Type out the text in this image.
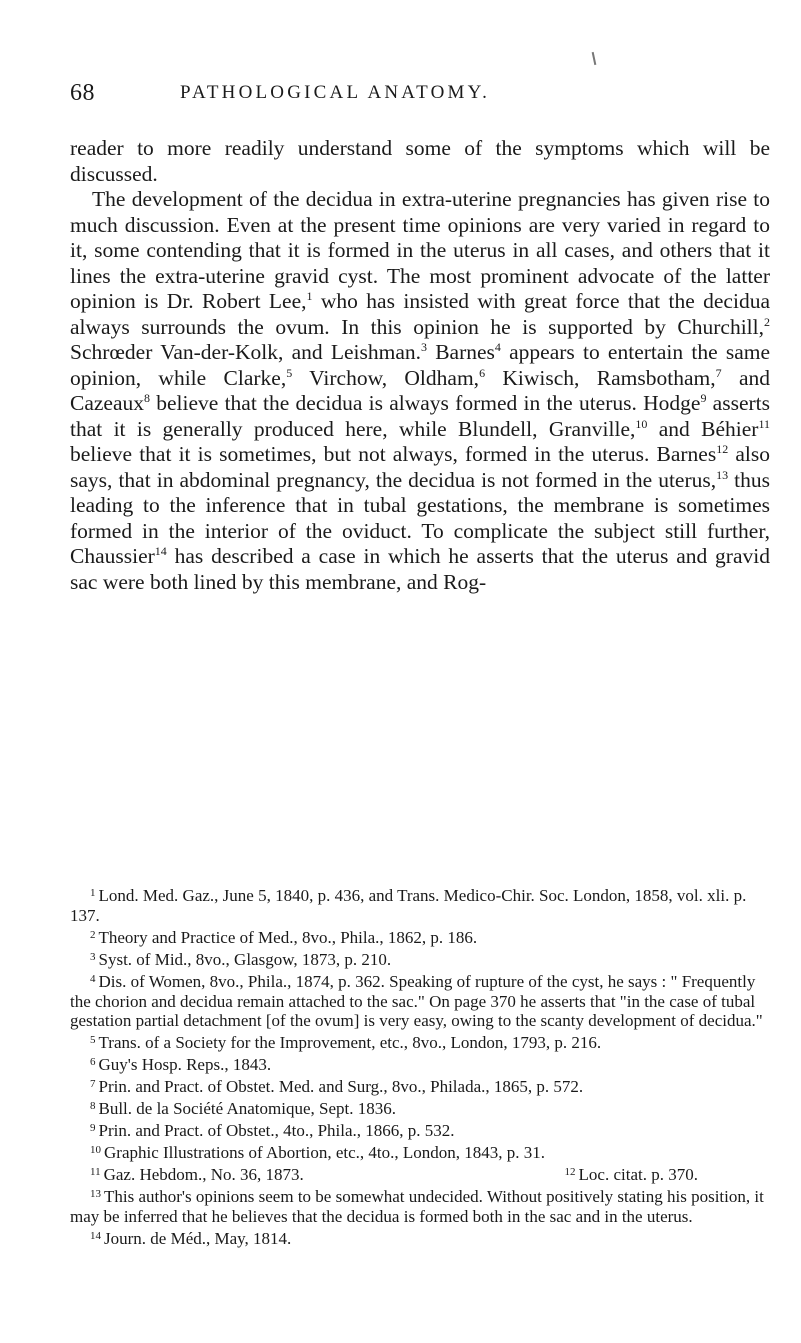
68	PATHOLOGICAL ANATOMY.

reader to more readily understand some of the symptoms which will be discussed.

The development of the decidua in extra-uterine pregnancies has given rise to much discussion. Even at the present time opinions are very varied in regard to it, some contending that it is formed in the uterus in all cases, and others that it lines the extra-uterine gravid cyst. The most prominent advocate of the latter opinion is Dr. Robert Lee,$^1$ who has insisted with great force that the decidua always surrounds the ovum. In this opinion he is supported by Churchill,$^2$ Schrœder Van-der-Kolk, and Leishman.$^3$ Barnes$^4$ appears to entertain the same opinion, while Clarke,$^5$ Virchow, Oldham,$^6$ Kiwisch, Ramsbotham,$^7$ and Cazeaux$^8$ believe that the decidua is always formed in the uterus. Hodge$^9$ asserts that it is generally produced here, while Blundell, Granville,$^{10}$ and Béhier$^{11}$ believe that it is sometimes, but not always, formed in the uterus. Barnes$^{12}$ also says, that in abdominal pregnancy, the decidua is not formed in the uterus,$^{13}$ thus leading to the inference that in tubal gestations, the membrane is sometimes formed in the interior of the oviduct. To complicate the subject still further, Chaussier$^{14}$ has described a case in which he asserts that the uterus and gravid sac were both lined by this membrane, and Rog-

$^1$ Lond. Med. Gaz., June 5, 1840, p. 436, and Trans. Medico-Chir. Soc. London, 1858, vol. xli. p. 137.

$^2$ Theory and Practice of Med., 8vo., Phila., 1862, p. 186.

$^3$ Syst. of Mid., 8vo., Glasgow, 1873, p. 210.

$^4$ Dis. of Women, 8vo., Phila., 1874, p. 362. Speaking of rupture of the cyst, he says : " Frequently the chorion and decidua remain attached to the sac." On page 370 he asserts that "in the case of tubal gestation partial detachment [of the ovum] is very easy, owing to the scanty development of decidua."

$^5$ Trans. of a Society for the Improvement, etc., 8vo., London, 1793, p. 216.

$^6$ Guy's Hosp. Reps., 1843.

$^7$ Prin. and Pract. of Obstet. Med. and Surg., 8vo., Philada., 1865, p. 572.

$^8$ Bull. de la Société Anatomique, Sept. 1836.

$^9$ Prin. and Pract. of Obstet., 4to., Phila., 1866, p. 532.

$^{10}$ Graphic Illustrations of Abortion, etc., 4to., London, 1843, p. 31.

$^{11}$ Gaz. Hebdom., No. 36, 1873.	$^{12}$ Loc. citat. p. 370.

$^{13}$ This author's opinions seem to be somewhat undecided. Without positively stating his position, it may be inferred that he believes that the decidua is formed both in the sac and in the uterus.

$^{14}$ Journ. de Méd., May, 1814.
